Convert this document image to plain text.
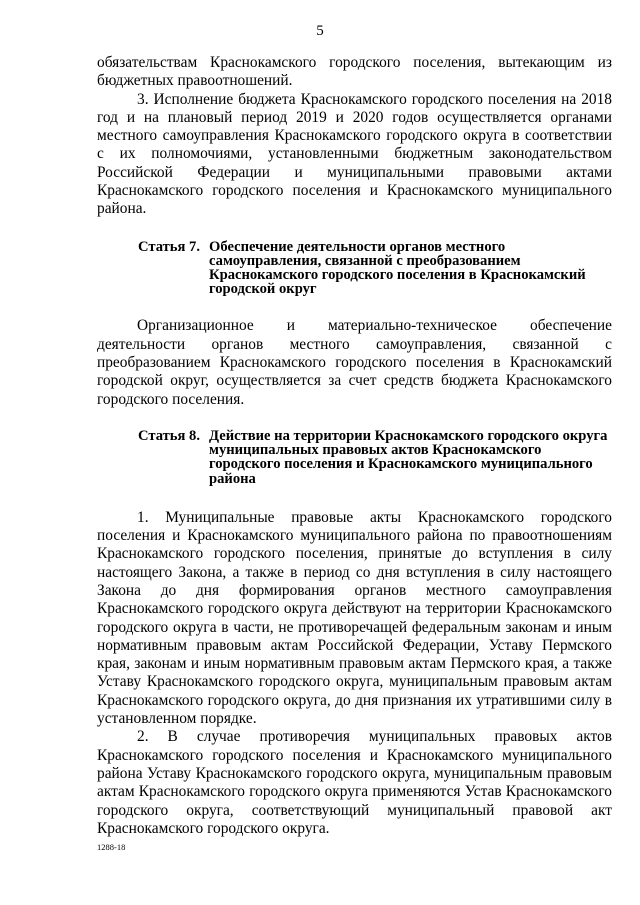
5

обязательствам Краснокамского городского поселения, вытекающим из бюджетных правоотношений.

3. Исполнение бюджета Краснокамского городского поселения на 2018 год и на плановый период 2019 и 2020 годов осуществляется органами местного самоуправления Краснокамского городского округа в соответствии с их полномочиями, установленными бюджетным законодательством Российской Федерации и муниципальными правовыми актами Краснокамского городского поселения и Краснокамского муниципального района.

Статья 7. Обеспечение деятельности органов местного самоуправления, связанной с преобразованием Краснокамского городского поселения в Краснокамский городской округ

Организационное и материально-техническое обеспечение деятельности органов местного самоуправления, связанной с преобразованием Краснокамского городского поселения в Краснокамский городской округ, осуществляется за счет средств бюджета Краснокамского городского поселения.

Статья 8. Действие на территории Краснокамского городского округа муниципальных правовых актов Краснокамского городского поселения и Краснокамского муниципального района

1. Муниципальные правовые акты Краснокамского городского поселения и Краснокамского муниципального района по правоотношениям Краснокамского городского поселения, принятые до вступления в силу настоящего Закона, а также в период со дня вступления в силу настоящего Закона до дня формирования органов местного самоуправления Краснокамского городского округа действуют на территории Краснокамского городского округа в части, не противоречащей федеральным законам и иным нормативным правовым актам Российской Федерации, Уставу Пермского края, законам и иным нормативным правовым актам Пермского края, а также Уставу Краснокамского городского округа, муниципальным правовым актам Краснокамского городского округа, до дня признания их утратившими силу в установленном порядке.

2. В случае противоречия муниципальных правовых актов Краснокамского городского поселения и Краснокамского муниципального района Уставу Краснокамского городского округа, муниципальным правовым актам Краснокамского городского округа применяются Устав Краснокамского городского округа, соответствующий муниципальный правовой акт Краснокамского городского округа.

1288-18
